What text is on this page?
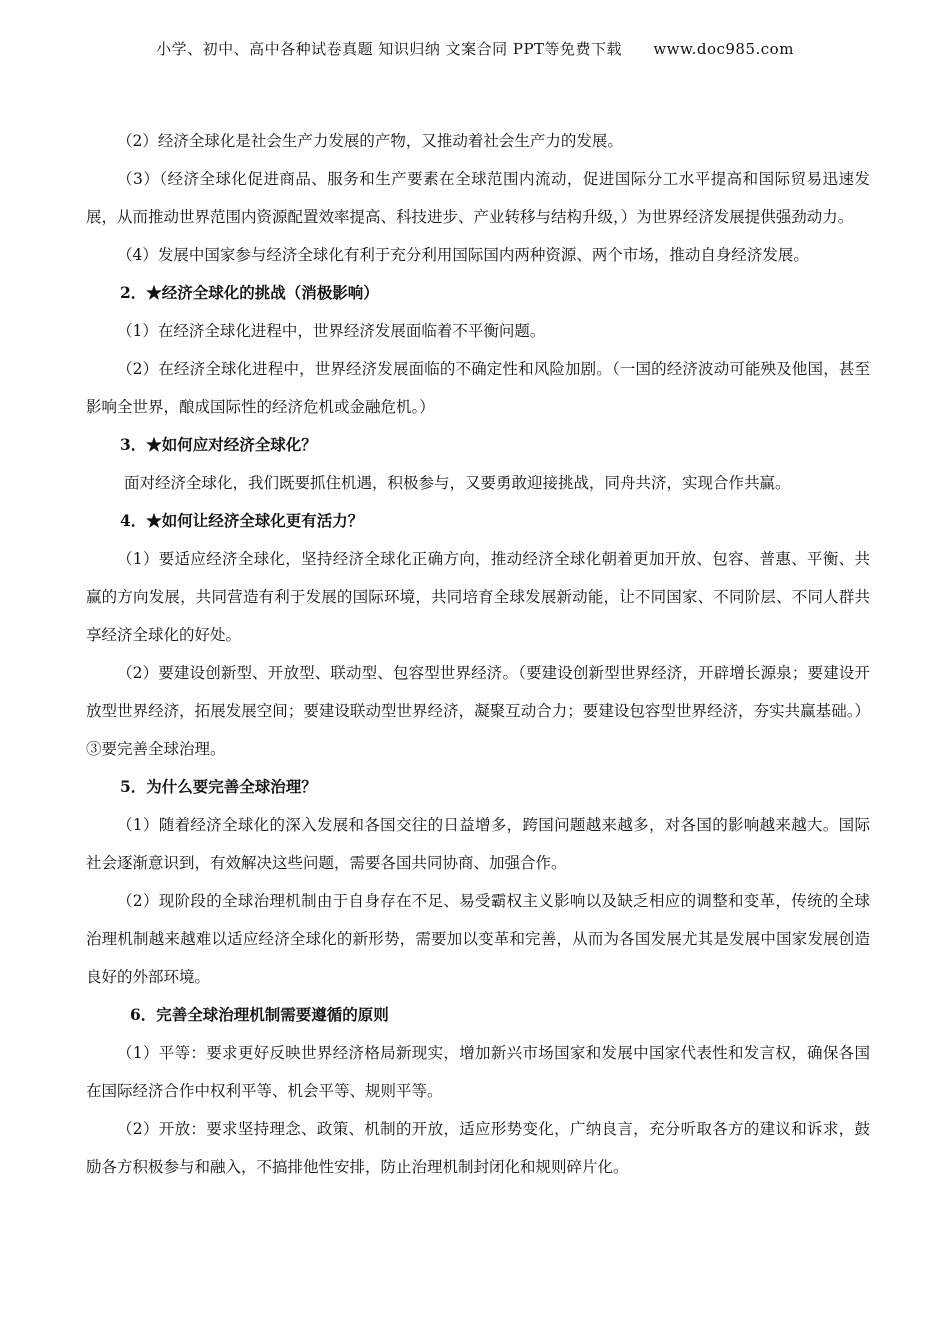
小学、初中、高中各种试卷真题 知识归纳 文案合同 PPT等免费下载 www.doc985.com

（2）经济全球化是社会生产力发展的产物，又推动着社会生产力的发展。

（3）（经济全球化促进商品、服务和生产要素在全球范围内流动，促进国际分工水平提高和国际贸易迅速发展，从而推动世界范围内资源配置效率提高、科技进步、产业转移与结构升级，）为世界经济发展提供强劲动力。

（4）发展中国家参与经济全球化有利于充分利用国际国内两种资源、两个市场，推动自身经济发展。

2．★经济全球化的挑战（消极影响）

（1）在经济全球化进程中，世界经济发展面临着不平衡问题。

（2）在经济全球化进程中，世界经济发展面临的不确定性和风险加剧。（一国的经济波动可能殃及他国，甚至影响全世界，酿成国际性的经济危机或金融危机。）

3．★如何应对经济全球化？

面对经济全球化，我们既要抓住机遇，积极参与，又要勇敢迎接挑战，同舟共济，实现合作共赢。

4．★如何让经济全球化更有活力？

（1）要适应经济全球化，坚持经济全球化正确方向，推动经济全球化朝着更加开放、包容、普惠、平衡、共赢的方向发展，共同营造有利于发展的国际环境，共同培育全球发展新动能，让不同国家、不同阶层、不同人群共享经济全球化的好处。

（2）要建设创新型、开放型、联动型、包容型世界经济。（要建设创新型世界经济，开辟增长源泉；要建设开放型世界经济，拓展发展空间；要建设联动型世界经济，凝聚互动合力；要建设包容型世界经济，夯实共赢基础。）③要完善全球治理。

5．为什么要完善全球治理？

（1）随着经济全球化的深入发展和各国交往的日益增多，跨国问题越来越多，对各国的影响越来越大。国际社会逐渐意识到，有效解决这些问题，需要各国共同协商、加强合作。

（2）现阶段的全球治理机制由于自身存在不足、易受霸权主义影响以及缺乏相应的调整和变革，传统的全球治理机制越来越难以适应经济全球化的新形势，需要加以变革和完善，从而为各国发展尤其是发展中国家发展创造良好的外部环境。

6．完善全球治理机制需要遵循的原则

（1）平等：要求更好反映世界经济格局新现实，增加新兴市场国家和发展中国家代表性和发言权，确保各国在国际经济合作中权利平等、机会平等、规则平等。

（2）开放：要求坚持理念、政策、机制的开放，适应形势变化，广纳良言，充分听取各方的建议和诉求，鼓励各方积极参与和融入，不搞排他性安排，防止治理机制封闭化和规则碎片化。
